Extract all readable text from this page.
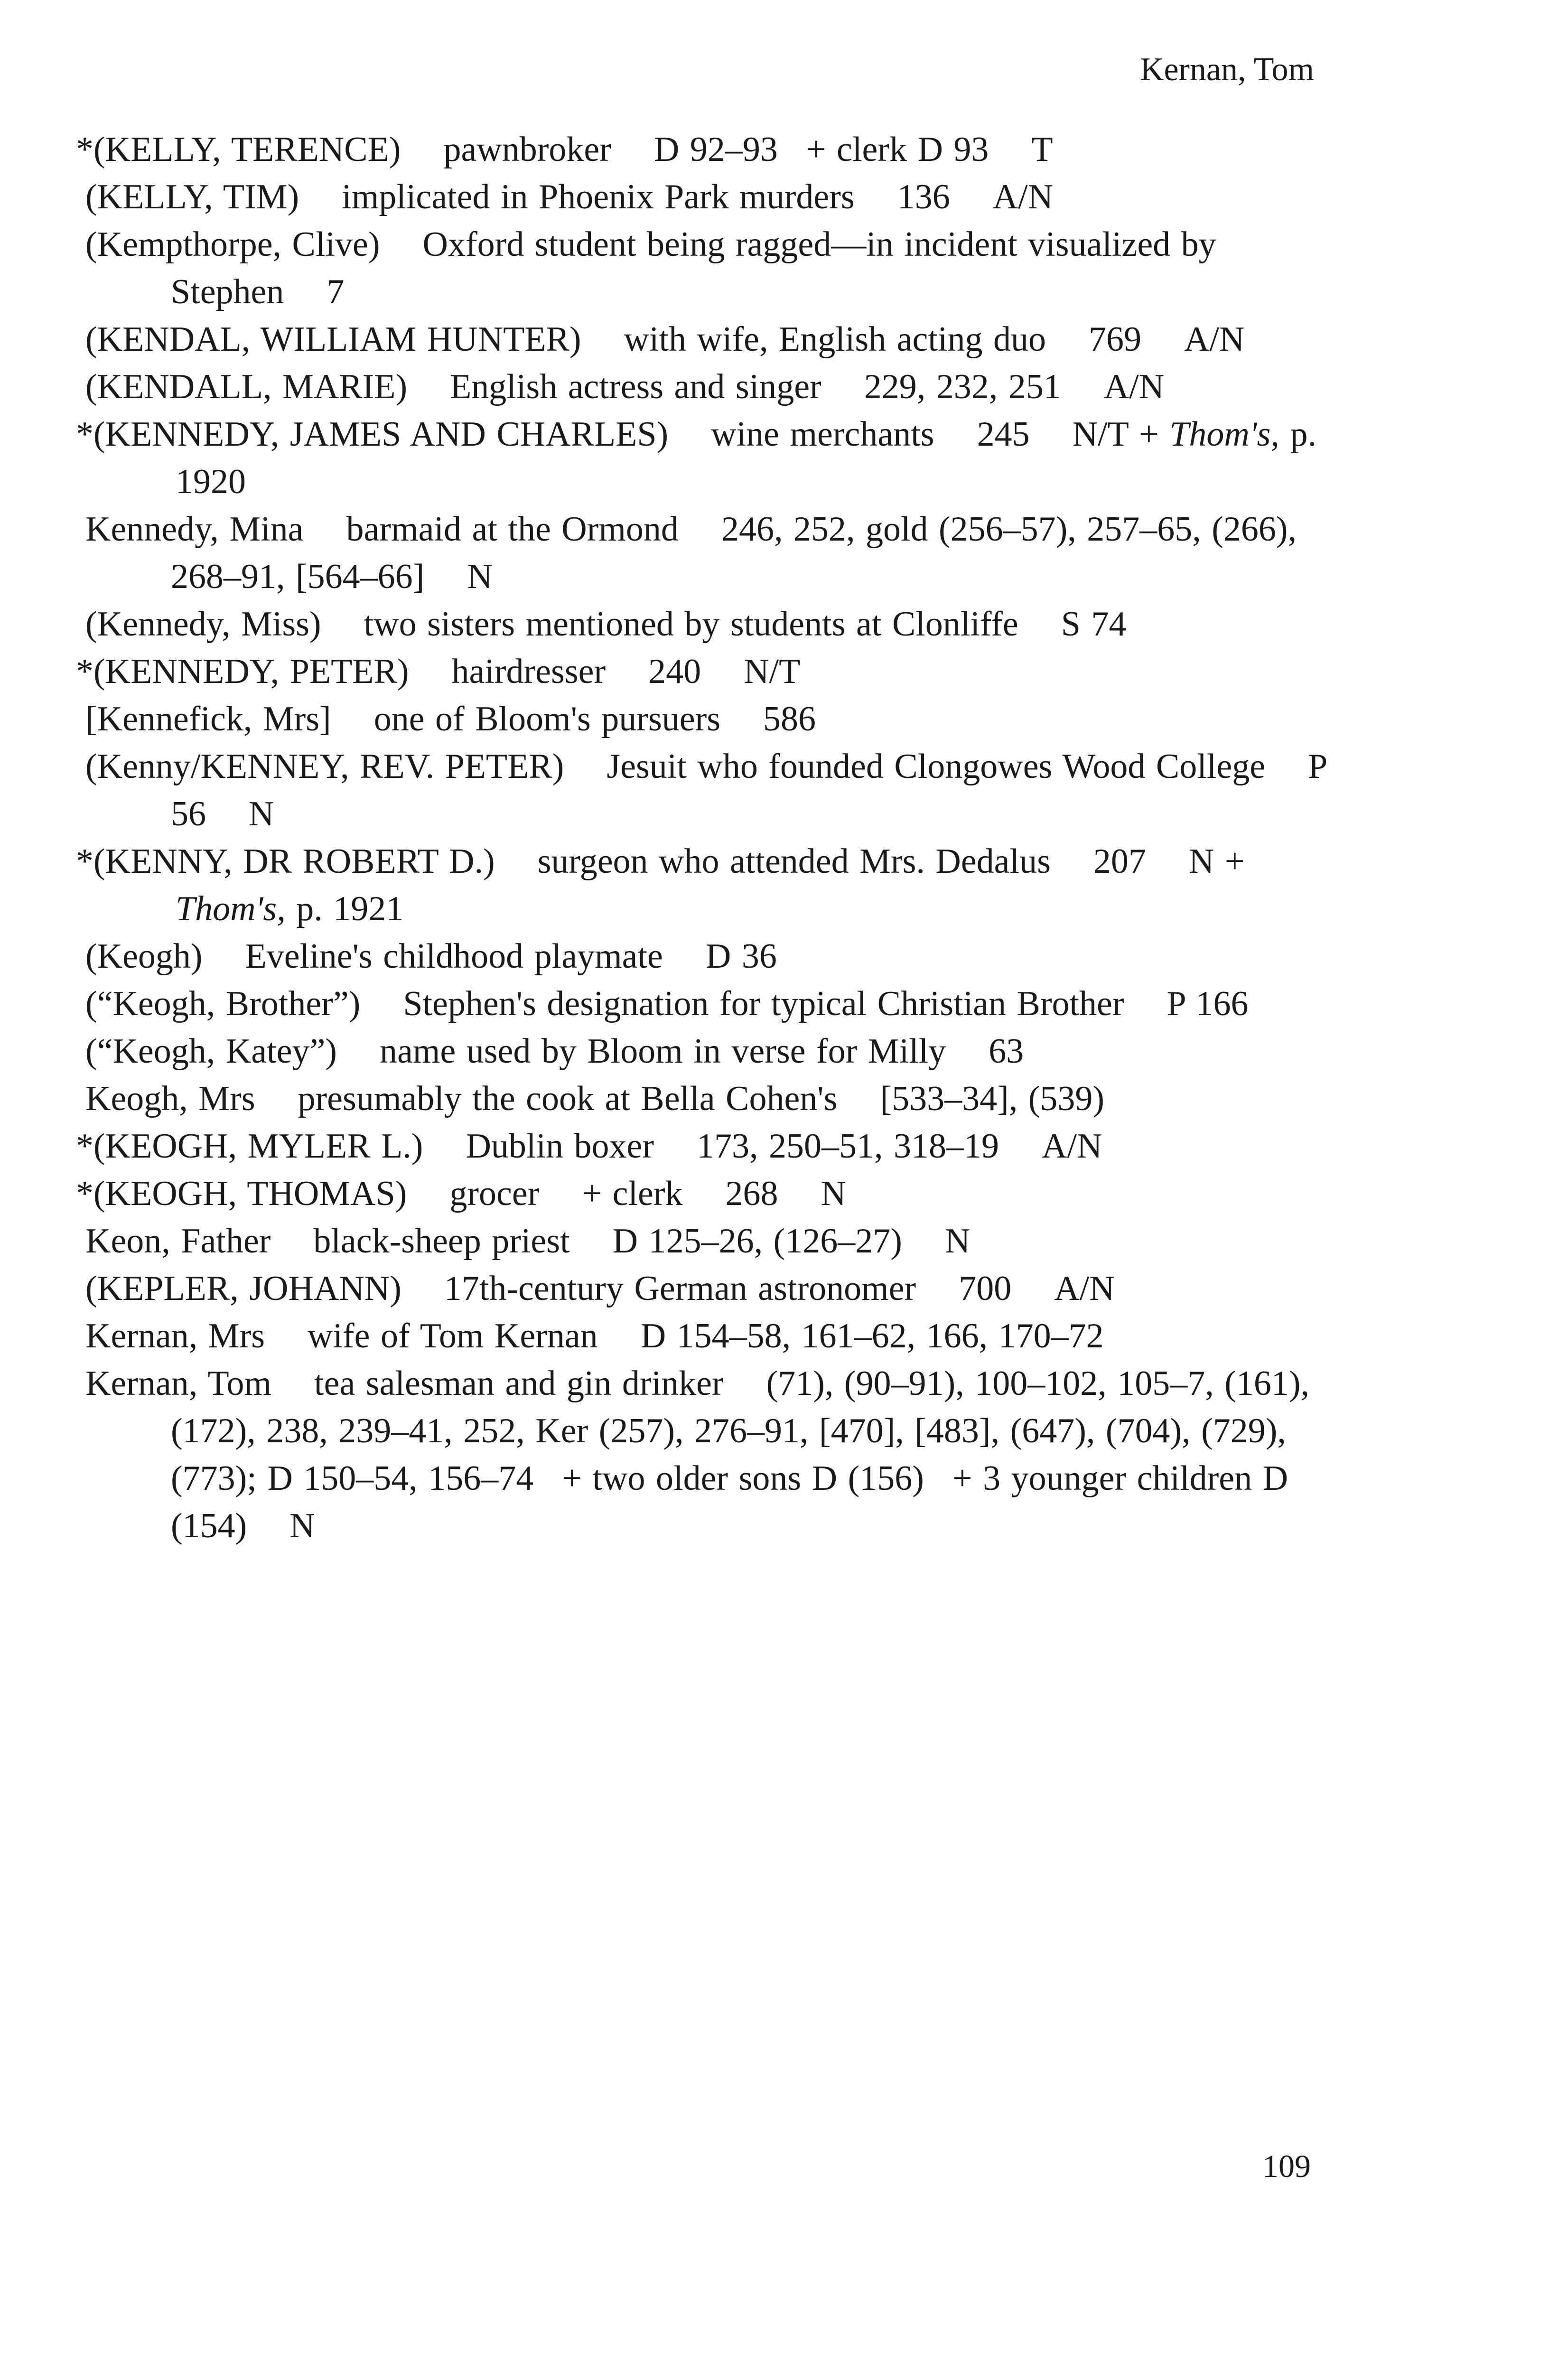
Kernan, Tom

*(KELLY, TERENCE) pawnbroker D 92–93 + clerk D 93 T

(KELLY, TIM) implicated in Phoenix Park murders 136 A/N

(Kempthorpe, Clive) Oxford student being ragged—in incident visualized by Stephen 7

(KENDAL, WILLIAM HUNTER) with wife, English acting duo 769 A/N

(KENDALL, MARIE) English actress and singer 229, 232, 251 A/N

*(KENNEDY, JAMES AND CHARLES) wine merchants 245 N/T + Thom's, p. 1920

Kennedy, Mina barmaid at the Ormond 246, 252, gold (256–57), 257–65, (266), 268–91, [564–66] N

(Kennedy, Miss) two sisters mentioned by students at Clonliffe S 74

*(KENNEDY, PETER) hairdresser 240 N/T

[Kennefick, Mrs] one of Bloom's pursuers 586

(Kenny/KENNEY, REV. PETER) Jesuit who founded Clongowes Wood College P 56 N

*(KENNY, DR ROBERT D.) surgeon who attended Mrs. Dedalus 207 N + Thom's, p. 1921

(Keogh) Eveline's childhood playmate D 36

(“Keogh, Brother”) Stephen's designation for typical Christian Brother P 166

(“Keogh, Katey”) name used by Bloom in verse for Milly 63

Keogh, Mrs presumably the cook at Bella Cohen's [533–34], (539)

*(KEOGH, MYLER L.) Dublin boxer 173, 250–51, 318–19 A/N

*(KEOGH, THOMAS) grocer + clerk 268 N

Keon, Father black-sheep priest D 125–26, (126–27) N

(KEPLER, JOHANN) 17th-century German astronomer 700 A/N

Kernan, Mrs wife of Tom Kernan D 154–58, 161–62, 166, 170–72

Kernan, Tom tea salesman and gin drinker (71), (90–91), 100–102, 105–7, (161), (172), 238, 239–41, 252, Ker (257), 276–91, [470], [483], (647), (704), (729), (773); D 150–54, 156–74 + two older sons D (156) + 3 younger children D (154) N

109
